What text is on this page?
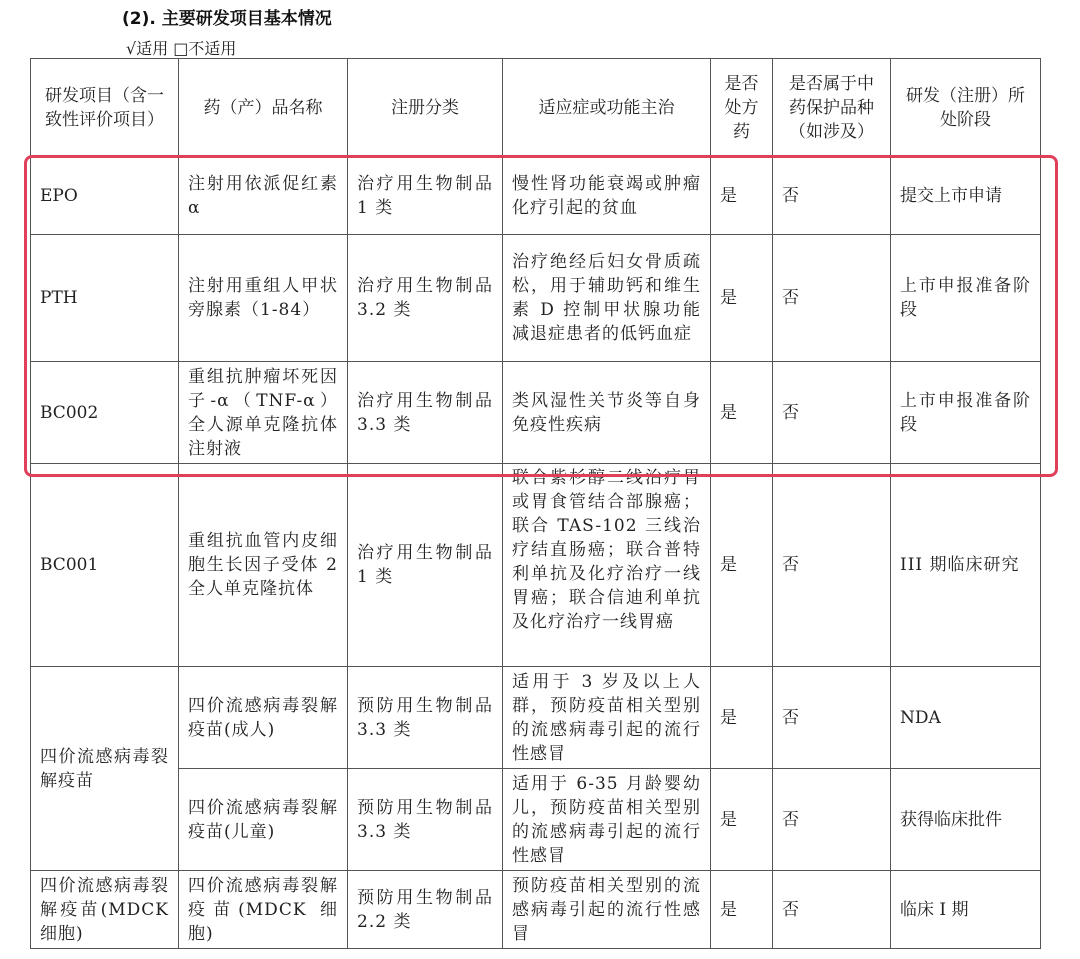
(2). 主要研发项目基本情况
√适用 □不适用
研发项目（含一致性评价项目）	药（产）品名称	注册分类	适应症或功能主治	是否处方药	是否属于中药保护品种（如涉及）	研发（注册）所处阶段
EPO	注射用依派促红素α	治疗用生物制品 1 类	慢性肾功能衰竭或肿瘤化疗引起的贫血	是	否	提交上市申请
PTH	注射用重组人甲状旁腺素（1-84）	治疗用生物制品 3.2 类	治疗绝经后妇女骨质疏松，用于辅助钙和维生素 D 控制甲状腺功能减退症患者的低钙血症	是	否	上市申报准备阶段
BC002	重组抗肿瘤坏死因子-α（TNF-α）全人源单克隆抗体注射液	治疗用生物制品 3.3 类	类风湿性关节炎等自身免疫性疾病	是	否	上市申报准备阶段
BC001	重组抗血管内皮细胞生长因子受体 2 全人单克隆抗体	治疗用生物制品 1 类	联合紫杉醇二线治疗胃或胃食管结合部腺癌；联合 TAS-102 三线治疗结直肠癌；联合普特利单抗及化疗治疗一线胃癌；联合信迪利单抗及化疗治疗一线胃癌	是	否	III 期临床研究
四价流感病毒裂解疫苗	四价流感病毒裂解疫苗(成人)	预防用生物制品 3.3 类	适用于 3 岁及以上人群，预防疫苗相关型别的流感病毒引起的流行性感冒	是	否	NDA
	四价流感病毒裂解疫苗(儿童)	预防用生物制品 3.3 类	适用于 6-35 月龄婴幼儿，预防疫苗相关型别的流感病毒引起的流行性感冒	是	否	获得临床批件
四价流感病毒裂解疫苗(MDCK 细胞)	四价流感病毒裂解疫苗(MDCK 细胞)	预防用生物制品 2.2 类	预防疫苗相关型别的流感病毒引起的流行性感冒	是	否	临床 I 期
